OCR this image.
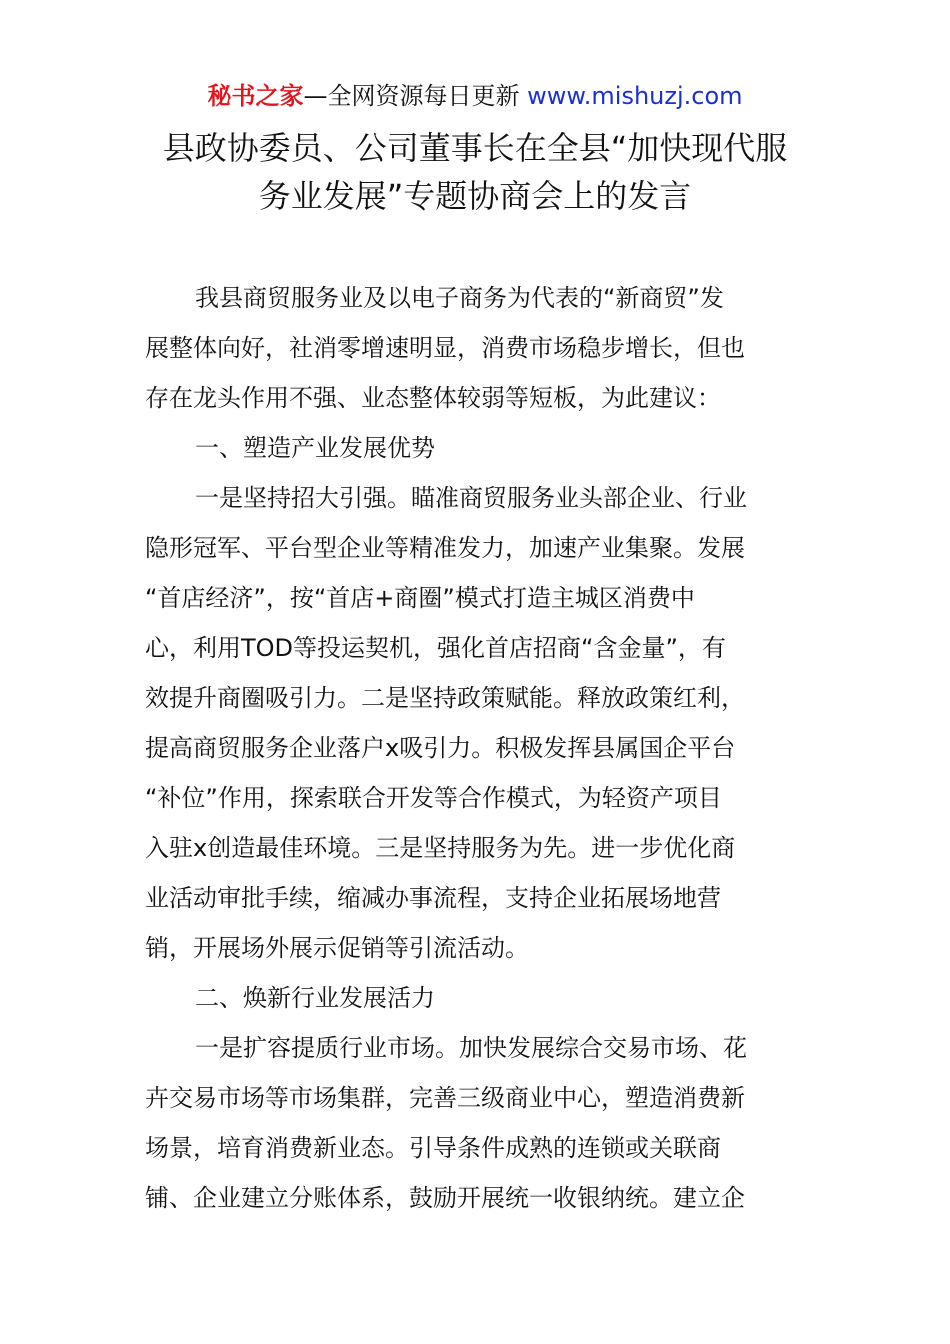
秘书之家—全网资源每日更新 www.mishuzj.com
县政协委员、公司董事长在全县“加快现代服
务业发展”专题协商会上的发言

我县商贸服务业及以电子商务为代表的“新商贸”发
展整体向好，社消零增速明显，消费市场稳步增长，但也
存在龙头作用不强、业态整体较弱等短板，为此建议：

一、塑造产业发展优势

一是坚持招大引强。瞄准商贸服务业头部企业、行业
隐形冠军、平台型企业等精准发力，加速产业集聚。发展
“首店经济”，按“首店+商圈”模式打造主城区消费中
心，利用TOD等投运契机，强化首店招商“含金量”，有
效提升商圈吸引力。二是坚持政策赋能。释放政策红利，
提高商贸服务企业落户x吸引力。积极发挥县属国企平台
“补位”作用，探索联合开发等合作模式，为轻资产项目
入驻x创造最佳环境。三是坚持服务为先。进一步优化商
业活动审批手续，缩减办事流程，支持企业拓展场地营
销，开展场外展示促销等引流活动。

二、焕新行业发展活力

一是扩容提质行业市场。加快发展综合交易市场、花
卉交易市场等市场集群，完善三级商业中心，塑造消费新
场景，培育消费新业态。引导条件成熟的连锁或关联商
铺、企业建立分账体系，鼓励开展统一收银纳统。建立企
